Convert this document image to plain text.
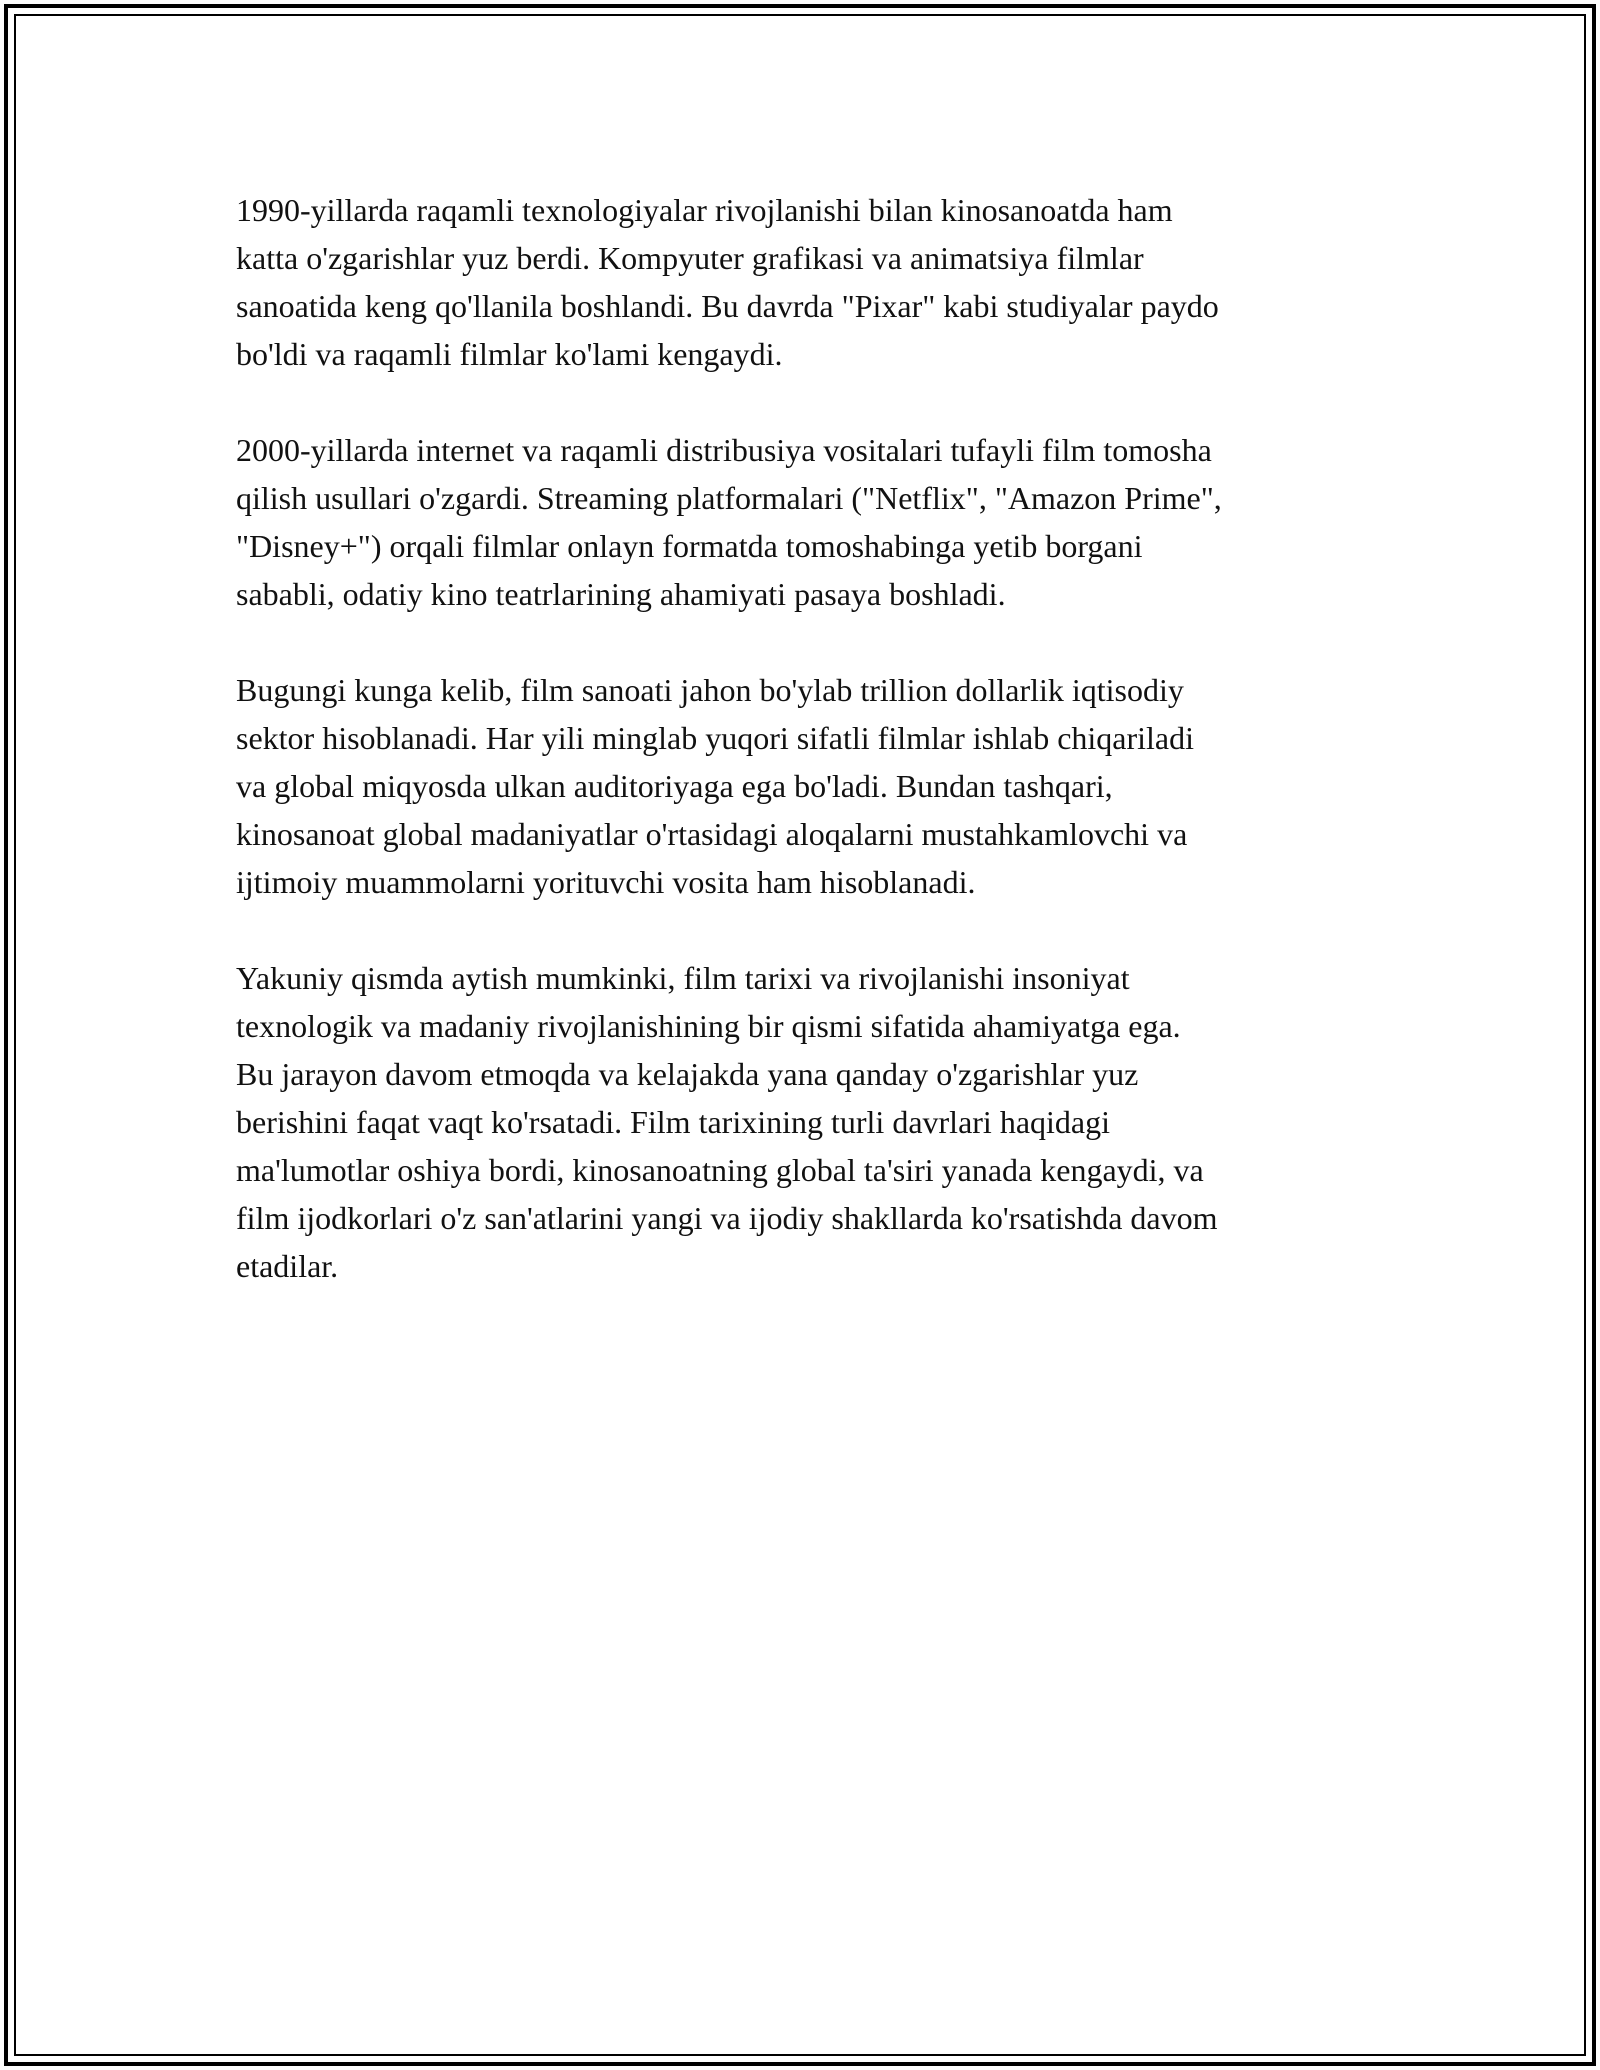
1990-yillarda raqamli texnologiyalar rivojlanishi bilan kinosanoatda ham
katta o'zgarishlar yuz berdi. Kompyuter grafikasi va animatsiya filmlar
sanoatida keng qo'llanila boshlandi. Bu davrda "Pixar" kabi studiyalar paydo
bo'ldi va raqamli filmlar ko'lami kengaydi.

2000-yillarda internet va raqamli distribusiya vositalari tufayli film tomosha
qilish usullari o'zgardi. Streaming platformalari ("Netflix", "Amazon Prime",
"Disney+") orqali filmlar onlayn formatda tomoshabinga yetib borgani
sababli, odatiy kino teatrlarining ahamiyati pasaya boshladi.

Bugungi kunga kelib, film sanoati jahon bo'ylab trillion dollarlik iqtisodiy
sektor hisoblanadi. Har yili minglab yuqori sifatli filmlar ishlab chiqariladi
va global miqyosda ulkan auditoriyaga ega bo'ladi. Bundan tashqari,
kinosanoat global madaniyatlar o'rtasidagi aloqalarni mustahkamlovchi va
ijtimoiy muammolarni yorituvchi vosita ham hisoblanadi.

Yakuniy qismda aytish mumkinki, film tarixi va rivojlanishi insoniyat
texnologik va madaniy rivojlanishining bir qismi sifatida ahamiyatga ega.
Bu jarayon davom etmoqda va kelajakda yana qanday o'zgarishlar yuz
berishini faqat vaqt ko'rsatadi. Film tarixining turli davrlari haqidagi
ma'lumotlar oshiya bordi, kinosanoatning global ta'siri yanada kengaydi, va
film ijodkorlari o'z san'atlarini yangi va ijodiy shakllarda ko'rsatishda davom
etadilar.
